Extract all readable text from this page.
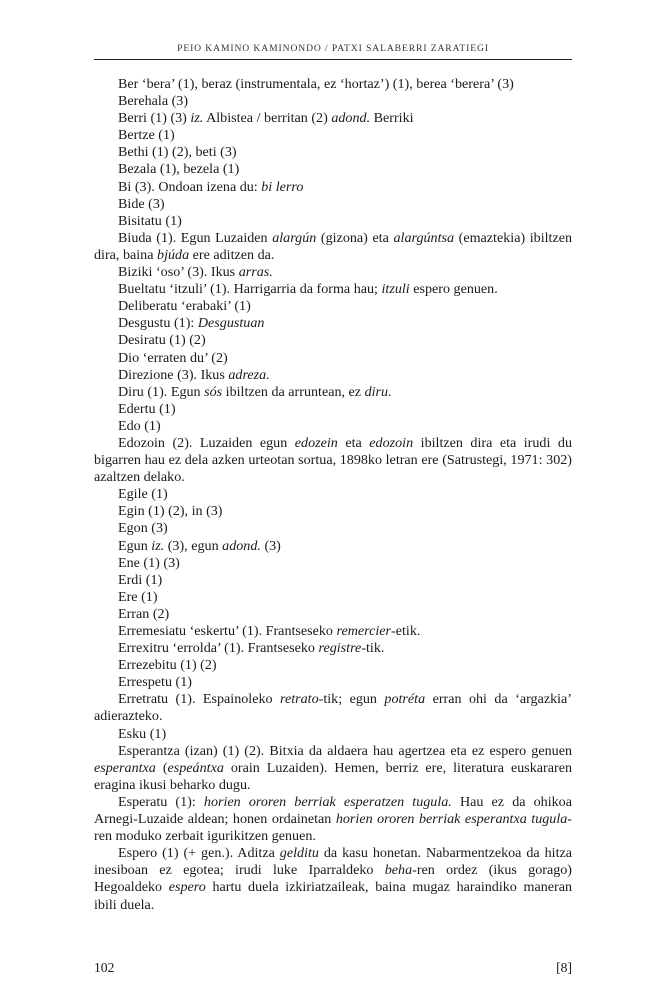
PEIO KAMINO KAMINONDO / PATXI SALABERRI ZARATIEGI

Ber ‘bera’ (1), beraz (instrumentala, ez ‘hortaz’) (1), berea ‘berera’ (3)

Berehala (3)

Berri (1) (3) iz. Albistea / berritan (2) adond. Berriki

Bertze (1)

Bethi (1) (2), beti (3)

Bezala (1), bezela (1)

Bi (3). Ondoan izena du: bi lerro

Bide (3)

Bisitatu (1)

Biuda (1). Egun Luzaiden alargún (gizona) eta alargúntsa (emaztekia) ibiltzen dira, baina bjúda ere aditzen da.

Biziki ‘oso’ (3). Ikus arras.

Bueltatu ‘itzuli’ (1). Harrigarria da forma hau; itzuli espero genuen.

Deliberatu ‘erabaki’ (1)

Desgustu (1): Desgustuan

Desiratu (1) (2)

Dio ‘erraten du’ (2)

Direzione (3). Ikus adreza.

Diru (1). Egun sós ibiltzen da arruntean, ez diru.

Edertu (1)

Edo (1)

Edozoin (2). Luzaiden egun edozein eta edozoin ibiltzen dira eta irudi du bigarren hau ez dela azken urteotan sortua, 1898ko letran ere (Satrustegi, 1971: 302) azaltzen delako.

Egile (1)

Egin (1) (2), in (3)

Egon (3)

Egun iz. (3), egun adond. (3)

Ene (1) (3)

Erdi (1)

Ere (1)

Erran (2)

Erremesiatu ‘eskertu’ (1). Frantseseko remercier-etik.

Errexitru ‘errolda’ (1). Frantseseko registre-tik.

Errezebitu (1) (2)

Errespetu (1)

Erretratu (1). Espainoleko retrato-tik; egun potréta erran ohi da ‘argazkia’ adierazteko.

Esku (1)

Esperantza (izan) (1) (2). Bitxia da aldaera hau agertzea eta ez espero genuen esperantxa (espeántxa orain Luzaiden). Hemen, berriz ere, literatura euskararen eragina ikusi beharko dugu.

Esperatu (1): horien ororen berriak esperatzen tugula. Hau ez da ohikoa Arnegi-Luzaide aldean; honen ordainetan horien ororen berriak esperantxa tugula-ren moduko zerbait igurikitzen genuen.

Espero (1) (+ gen.). Aditza gelditu da kasu honetan. Nabarmentzekoa da hitza inesiboan ez egotea; irudi luke Iparraldeko beha-ren ordez (ikus gorago) Hegoaldeko espero hartu duela izkiriatzaileak, baina mugaz haraindiko maneran ibili duela.

102	[8]
